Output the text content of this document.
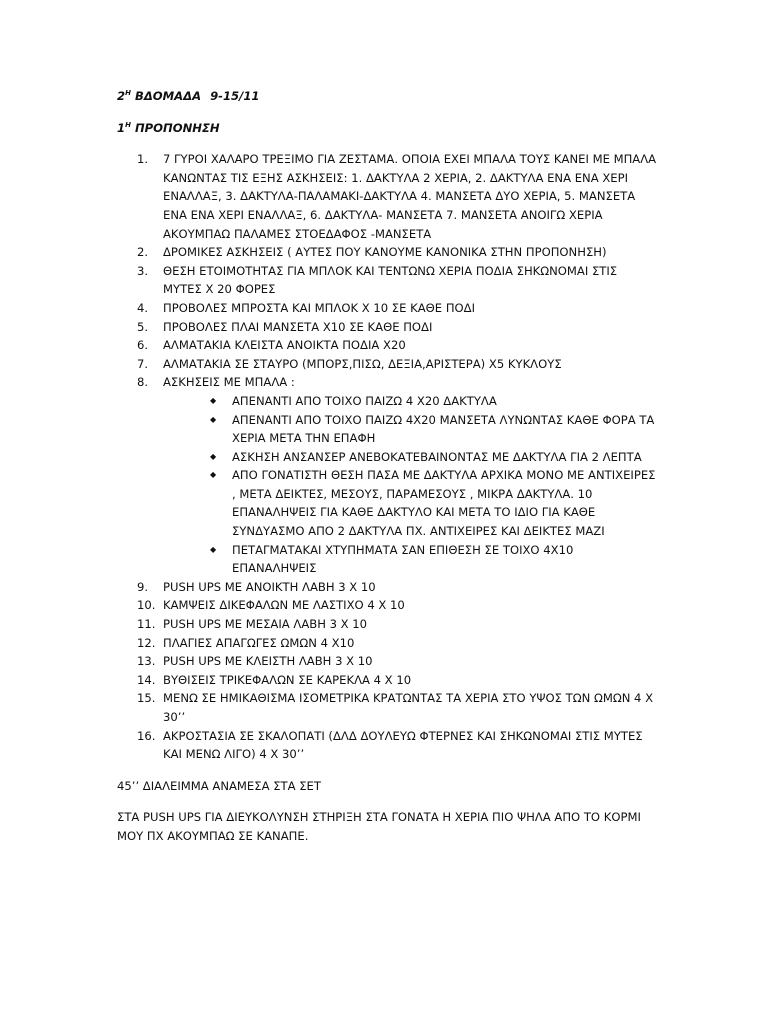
$2^H$ ΒΔΟΜΑΔΑ 9-15/11

$1^H$ ΠΡΟΠΟΝΗΣΗ

1.	7 ΓΥΡΟΙ ΧΑΛΑΡΟ ΤΡΕΞΙΜΟ ΓΙΑ ΖΕΣΤΑΜΑ. ΟΠΟΙΑ ΕΧΕΙ ΜΠΑΛΑ ΤΟΥΣ ΚΑΝΕΙ ΜΕ ΜΠΑΛΑ ΚΑΝΩΝΤΑΣ ΤΙΣ ΕΞΗΣ ΑΣΚΗΣΕΙΣ: 1. ΔΑΚΤΥΛΑ 2 ΧΕΡΙΑ, 2. ΔΑΚΤΥΛΑ ΕΝΑ ΕΝΑ ΧΕΡΙ ΕΝΑΛΛΑΞ, 3. ΔΑΚΤΥΛΑ-ΠΑΛΑΜΑΚΙ-ΔΑΚΤΥΛΑ 4. ΜΑΝΣΕΤΑ ΔΥΟ ΧΕΡΙΑ, 5. ΜΑΝΣΕΤΑ ΕΝΑ ΕΝΑ ΧΕΡΙ ΕΝΑΛΛΑΞ, 6. ΔΑΚΤΥΛΑ- ΜΑΝΣΕΤΑ 7. ΜΑΝΣΕΤΑ ΑΝΟΙΓΩ ΧΕΡΙΑ ΑΚΟΥΜΠΑΩ ΠΑΛΑΜΕΣ ΣΤΟΕΔΑΦΟΣ -ΜΑΝΣΕΤΑ
2.	ΔΡΟΜΙΚΕΣ ΑΣΚΗΣΕΙΣ ( ΑΥΤΕΣ ΠΟΥ ΚΑΝΟΥΜΕ ΚΑΝΟΝΙΚΑ ΣΤΗΝ ΠΡΟΠΟΝΗΣΗ)
3.	ΘΕΣΗ ΕΤΟΙΜΟΤΗΤΑΣ ΓΙΑ ΜΠΛΟΚ ΚΑΙ ΤΕΝΤΩΝΩ ΧΕΡΙΑ ΠΟΔΙΑ ΣΗΚΩΝΟΜΑΙ ΣΤΙΣ ΜΥΤΕΣ Χ 20 ΦΟΡΕΣ
4.	ΠΡΟΒΟΛΕΣ ΜΠΡΟΣΤΑ ΚΑΙ ΜΠΛΟΚ Χ 10 ΣΕ ΚΑΘΕ ΠΟΔΙ
5.	ΠΡΟΒΟΛΕΣ ΠΛΑΙ ΜΑΝΣΕΤΑ Χ10 ΣΕ ΚΑΘΕ ΠΟΔΙ
6.	ΑΛΜΑΤΑΚΙΑ ΚΛΕΙΣΤΑ ΑΝΟΙΚΤΑ ΠΟΔΙΑ Χ20
7.	ΑΛΜΑΤΑΚΙΑ ΣΕ ΣΤΑΥΡΟ (ΜΠΟΡΣ,ΠΙΣΩ, ΔΕΞΙΑ,ΑΡΙΣΤΕΡΑ) Χ5 ΚΥΚΛΟΥΣ
8.	ΑΣΚΗΣΕΙΣ ΜΕ ΜΠΑΛΑ :
◆ ΑΠΕΝΑΝΤΙ ΑΠΟ ΤΟΙΧΟ ΠΑΙΖΩ 4 Χ20 ΔΑΚΤΥΛΑ
◆ ΑΠΕΝΑΝΤΙ ΑΠΟ ΤΟΙΧΟ ΠΑΙΖΩ 4Χ20 ΜΑΝΣΕΤΑ ΛΥΝΩΝΤΑΣ ΚΑΘΕ ΦΟΡΑ ΤΑ ΧΕΡΙΑ ΜΕΤΑ ΤΗΝ ΕΠΑΦΗ
◆ ΑΣΚΗΣΗ ΑΝΣΑΝΣΕΡ ΑΝΕΒΟΚΑΤΕΒΑΙΝΟΝΤΑΣ ΜΕ ΔΑΚΤΥΛΑ ΓΙΑ 2 ΛΕΠΤΑ
◆ ΑΠΟ ΓΟΝΑΤΙΣΤΗ ΘΕΣΗ ΠΑΣΑ ΜΕ ΔΑΚΤΥΛΑ ΑΡΧΙΚΑ ΜΟΝΟ ΜΕ ΑΝΤΙΧΕΙΡΕΣ , ΜΕΤΑ ΔΕΙΚΤΕΣ, ΜΕΣΟΥΣ, ΠΑΡΑΜΕΣΟΥΣ , ΜΙΚΡΑ ΔΑΚΤΥΛΑ. 10 ΕΠΑΝΑΛΗΨΕΙΣ ΓΙΑ ΚΑΘΕ ΔΑΚΤΥΛΟ ΚΑΙ ΜΕΤΑ ΤΟ ΙΔΙΟ ΓΙΑ ΚΑΘΕ ΣΥΝΔΥΑΣΜΟ ΑΠΟ 2 ΔΑΚΤΥΛΑ ΠΧ. ΑΝΤΙΧΕΙΡΕΣ ΚΑΙ ΔΕΙΚΤΕΣ ΜΑΖΙ
◆ ΠΕΤΑΓΜΑΤΑΚΑΙ ΧΤΥΠΗΜΑΤΑ ΣΑΝ ΕΠΙΘΕΣΗ ΣΕ ΤΟΙΧΟ 4Χ10 ΕΠΑΝΑΛΗΨΕΙΣ
9.	PUSH UPS ΜΕ ΑΝΟΙΚΤΗ ΛΑΒΗ 3 Χ 10
10. ΚΑΜΨΕΙΣ ΔΙΚΕΦΑΛΩΝ ΜΕ ΛΑΣΤΙΧΟ 4 Χ 10
11. PUSH UPS ΜΕ ΜΕΣΑΙΑ ΛΑΒΗ 3 Χ 10
12. ΠΛΑΓΙΕΣ ΑΠΑΓΩΓΕΣ ΩΜΩΝ 4 Χ10
13. PUSH UPS ΜΕ ΚΛΕΙΣΤΗ ΛΑΒΗ 3 Χ 10
14. ΒΥΘΙΣΕΙΣ ΤΡΙΚΕΦΑΛΩΝ ΣΕ ΚΑΡΕΚΛΑ 4 Χ 10
15. ΜΕΝΩ ΣΕ ΗΜΙΚΑΘΙΣΜΑ ΙΣΟΜΕΤΡΙΚΑ ΚΡΑΤΩΝΤΑΣ ΤΑ ΧΕΡΙΑ ΣΤΟ ΥΨΟΣ ΤΩΝ ΩΜΩΝ 4 Χ 30’’
16. ΑΚΡΟΣΤΑΣΙΑ ΣΕ ΣΚΑΛΟΠΑΤΙ (ΔΛΔ ΔΟΥΛΕΥΩ ΦΤΕΡΝΕΣ ΚΑΙ ΣΗΚΩΝΟΜΑΙ ΣΤΙΣ ΜΥΤΕΣ ΚΑΙ ΜΕΝΩ ΛΙΓΟ) 4 Χ 30’’

45’’ ΔΙΑΛΕΙΜΜΑ ΑΝΑΜΕΣΑ ΣΤΑ ΣΕΤ

ΣΤΑ PUSH UPS ΓΙΑ ΔΙΕΥΚΟΛΥΝΣΗ ΣΤΗΡΙΞΗ ΣΤΑ ΓΟΝΑΤΑ Η ΧΕΡΙΑ ΠΙΟ ΨΗΛΑ ΑΠΟ ΤΟ ΚΟΡΜΙ ΜΟΥ ΠΧ ΑΚΟΥΜΠΑΩ ΣΕ ΚΑΝΑΠΕ.
